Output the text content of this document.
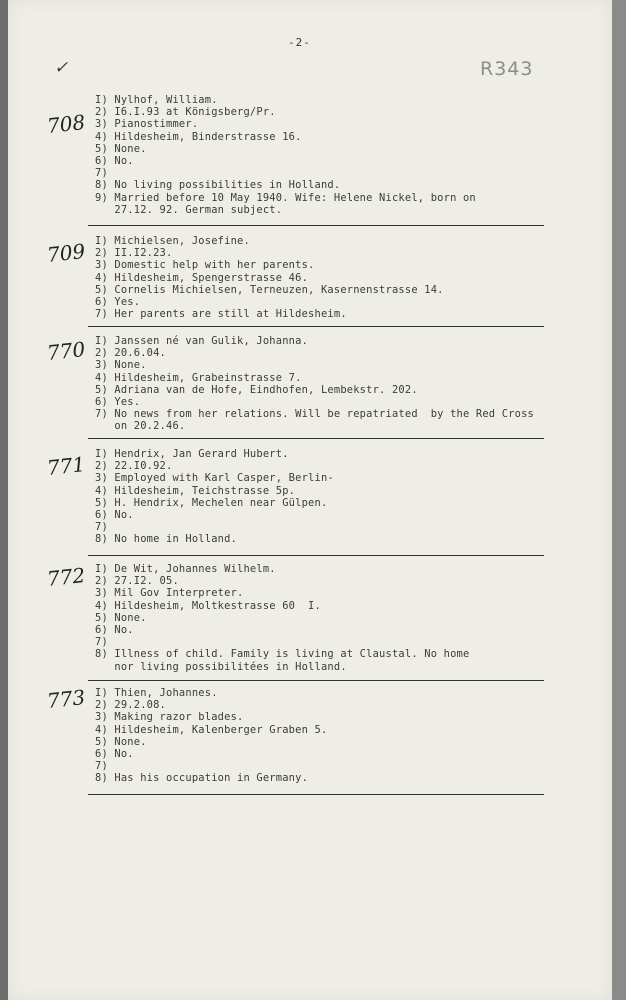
-2-
✓	R343
708
I) Nylhof, William.
2) I6.I.93 at Königsberg/Pr.
3) Pianostimmer.
4) Hildesheim, Binderstrasse 16.
5) None.
6) No.
7)
8) No living possibilities in Holland.
9) Married before 10 May 1940. Wife: Helene Nickel, born on
27.12. 92. German subject.
709 I) Michielsen, Josefine.
2) II.I2.23.
3) Domestic help with her parents.
4) Hildesheim, Spengerstrasse 46.
5) Cornelis Michielsen, Terneuzen, Kasernenstrasse 14.
6) Yes.
7) Her parents are still at Hildesheim.
770 I) Janssen né van Gulik, Johanna.
2) 20.6.04.
3) None.
4) Hildesheim, Grabeinstrasse 7.
5) Adriana van de Hofe, Eindhofen, Lembekstr. 202.
6) Yes.
7) No news from her relations. Will be repatriated  by the Red Cross
on 20.2.46.
771 I) Hendrix, Jan Gerard Hubert.
2) 22.I0.92.
3) Employed with Karl Casper, Berlin-
4) Hildesheim, Teichstrasse 5p.
5) H. Hendrix, Mechelen near Gülpen.
6) No.
7)
8) No home in Holland.
772 I) De Wit, Johannes Wilhelm.
2) 27.I2. 05.
3) Mil Gov Interpreter.
4) Hildesheim, Moltkestrasse 60  I.
5) None.
6) No.
7)
8) Illness of child. Family is living at Claustal. No home
nor living possibilitées in Holland.
773 I) Thien, Johannes.
2) 29.2.08.
3) Making razor blades.
4) Hildesheim, Kalenberger Graben 5.
5) None.
6) No.
7)
8) Has his occupation in Germany.
